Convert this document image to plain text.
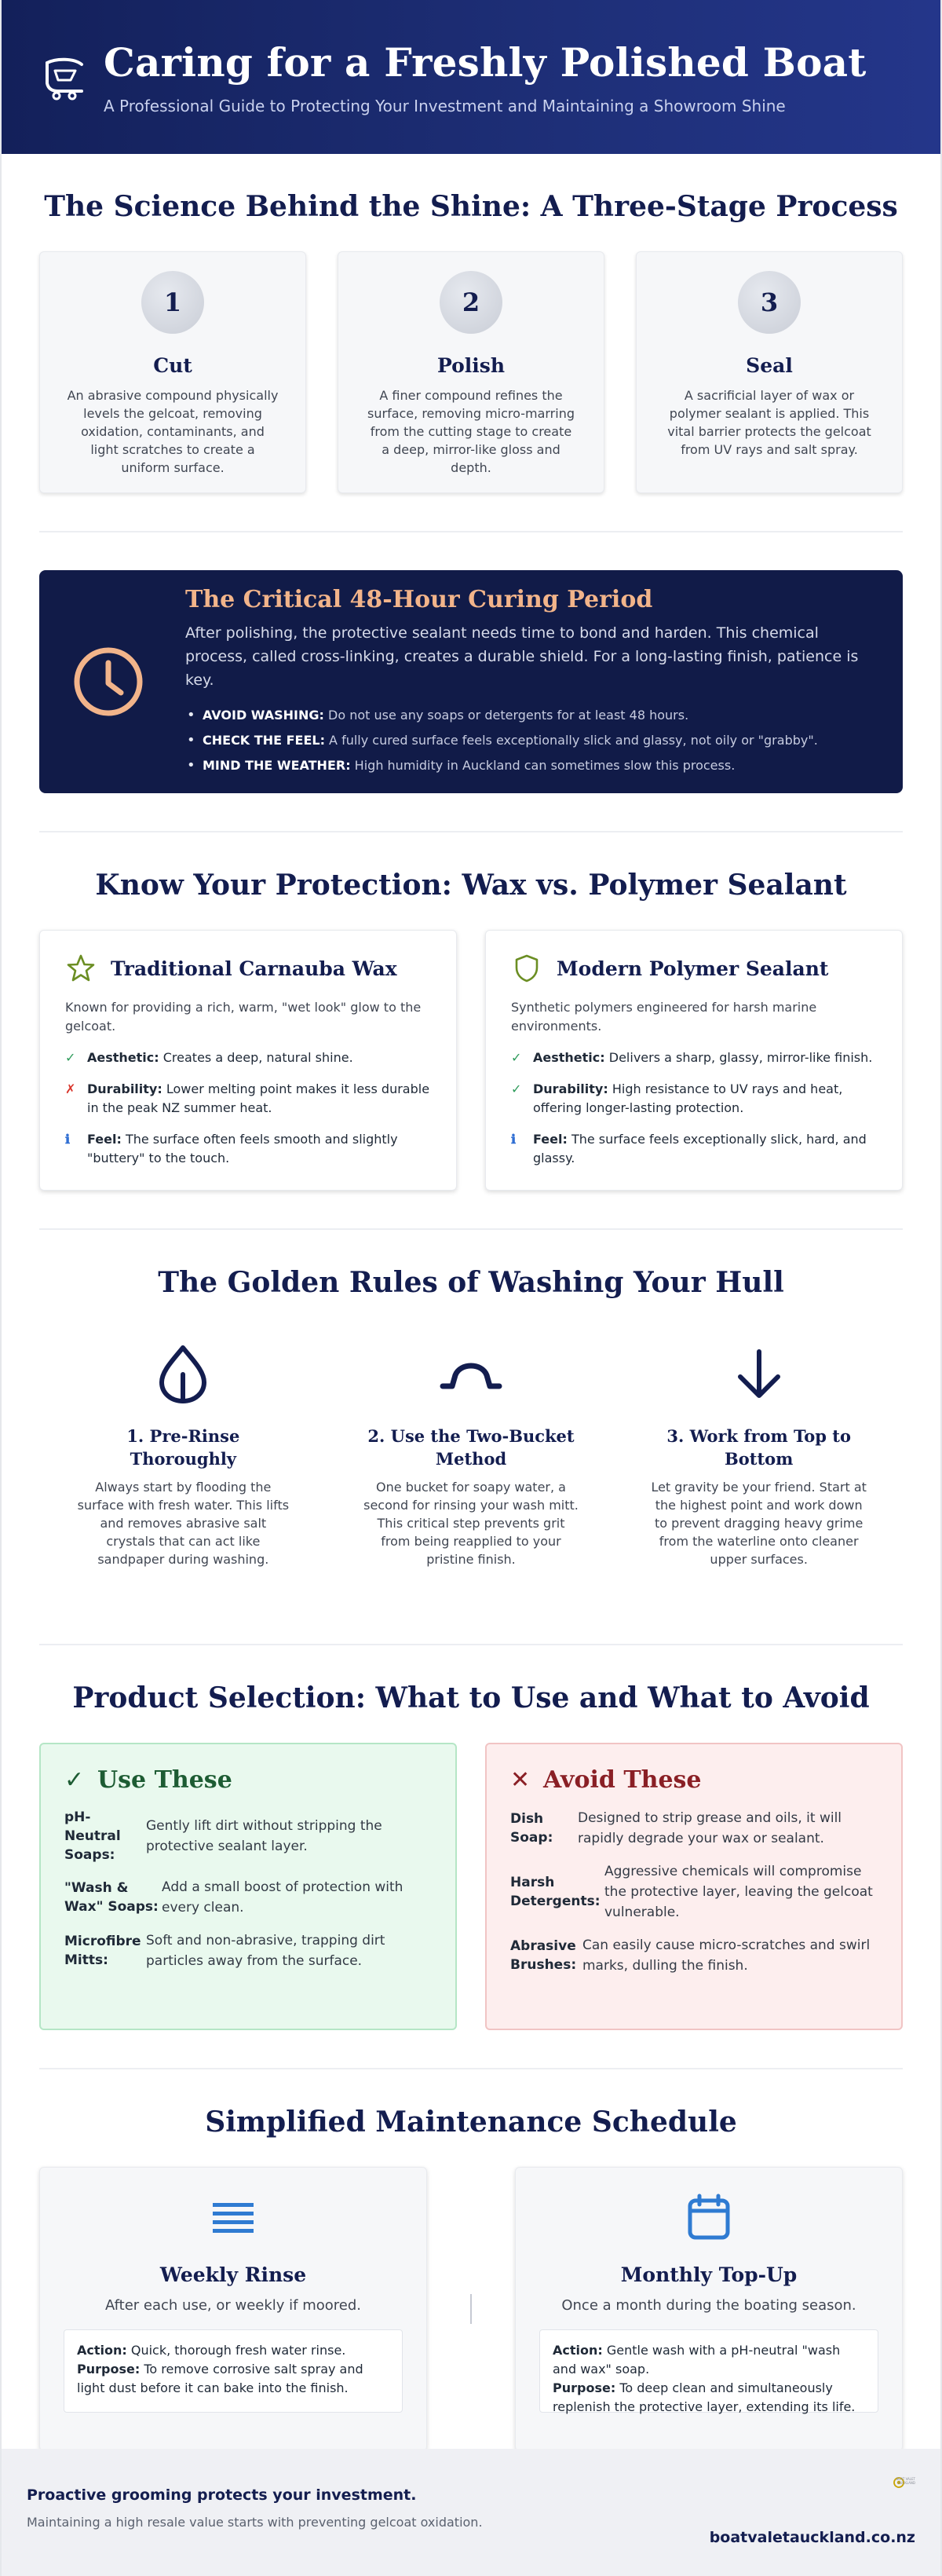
Caring for a Freshly Polished Boat
A Professional Guide to Protecting Your Investment and Maintaining a Showroom Shine
The Science Behind the Shine: A Three-Stage Process
1
Cut
An abrasive compound physically levels the gelcoat, removing oxidation, contaminants, and light scratches to create a uniform surface.
2
Polish
A finer compound refines the surface, removing micro-marring from the cutting stage to create a deep, mirror-like gloss and depth.
3
Seal
A sacrificial layer of wax or polymer sealant is applied. This vital barrier protects the gelcoat from UV rays and salt spray.
The Critical 48-Hour Curing Period
After polishing, the protective sealant needs time to bond and harden. This chemical process, called cross-linking, creates a durable shield. For a long-lasting finish, patience is key.
• AVOID WASHING: Do not use any soaps or detergents for at least 48 hours.
• CHECK THE FEEL: A fully cured surface feels exceptionally slick and glassy, not oily or "grabby".
• MIND THE WEATHER: High humidity in Auckland can sometimes slow this process.
Know Your Protection: Wax vs. Polymer Sealant
Traditional Carnauba Wax
Known for providing a rich, warm, "wet look" glow to the gelcoat.
✓ Aesthetic: Creates a deep, natural shine.
✗ Durability: Lower melting point makes it less durable in the peak NZ summer heat.
ℹ	Feel: The surface often feels smooth and slightly "buttery" to the touch.
Modern Polymer Sealant
Synthetic polymers engineered for harsh marine environments.
✓ Aesthetic: Delivers a sharp, glassy, mirror-like finish.
✓ Durability: High resistance to UV rays and heat, offering longer-lasting protection.
ℹ	Feel: The surface feels exceptionally slick, hard, and glassy.
The Golden Rules of Washing Your Hull
1. Pre-Rinse Thoroughly
Always start by flooding the surface with fresh water. This lifts and removes abrasive salt crystals that can act like sandpaper during washing.
2. Use the Two-Bucket Method
One bucket for soapy water, a second for rinsing your wash mitt. This critical step prevents grit from being reapplied to your pristine finish.
3. Work from Top to Bottom
Let gravity be your friend. Start at the highest point and work down to prevent dragging heavy grime from the waterline onto cleaner upper surfaces.
Product Selection: What to Use and What to Avoid
✓ Use These
pH-Neutral Soaps:
Gently lift dirt without stripping the protective sealant layer.
"Wash & Wax" Soaps:
Add a small boost of protection with every clean.
Microfibre Mitts:
Soft and non-abrasive, trapping dirt particles away from the surface.
✕ Avoid These
Dish Soap:
Designed to strip grease and oils, it will rapidly degrade your wax or sealant.
Harsh Detergents:
Aggressive chemicals will compromise the protective layer, leaving the gelcoat vulnerable.
Abrasive Brushes:
Can easily cause micro-scratches and swirl marks, dulling the finish.
Simplified Maintenance Schedule
Weekly Rinse
After each use, or weekly if moored.
Action: Quick, thorough fresh water rinse.
Purpose: To remove corrosive salt spray and light dust before it can bake into the finish.
Monthly Top-Up
Once a month during the boating season.
Action: Gentle wash with a pH-neutral "wash and wax" soap.
Purpose: To deep clean and simultaneously replenish the protective layer, extending its life.
Proactive grooming protects your investment.
Maintaining a high resale value starts with preventing gelcoat oxidation.
BOAT VALET AUCKLAND
boatvaletauckland.co.nz
